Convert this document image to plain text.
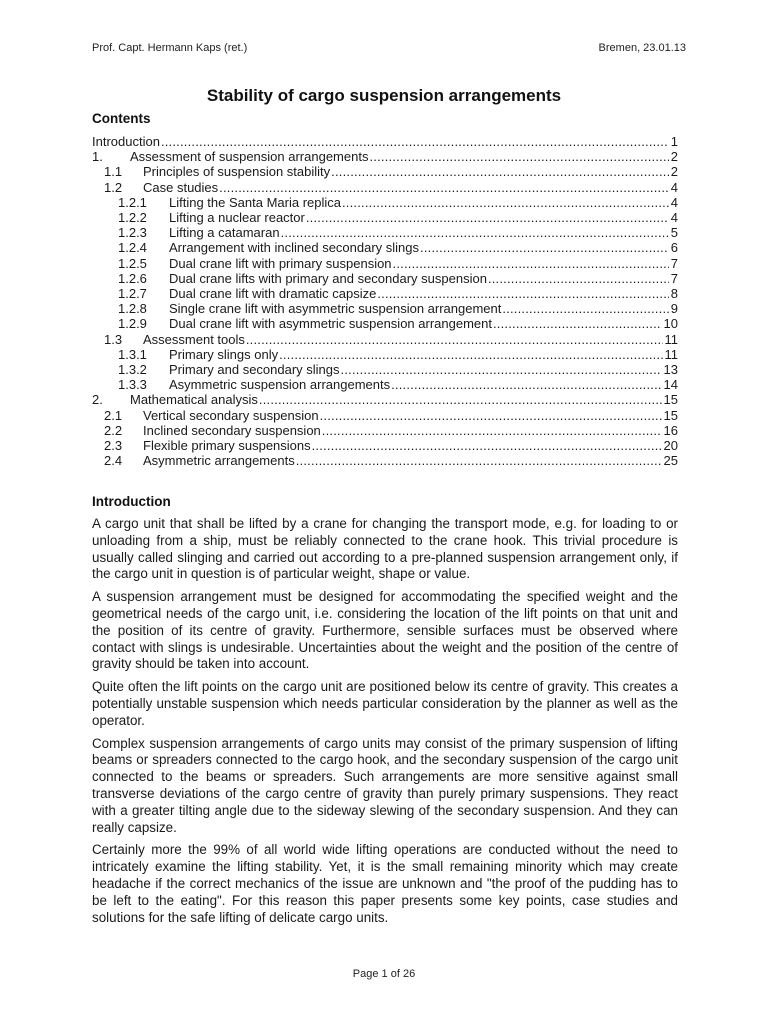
Prof. Capt. Hermann Kaps (ret.)	Bremen, 23.01.13
Stability of cargo suspension arrangements
Contents
Introduction .....	1
1.	Assessment of suspension arrangements .....	2
1.1	Principles of suspension stability .....	2
1.2	Case studies .....	4
1.2.1	Lifting the Santa Maria replica .....	4
1.2.2	Lifting a nuclear reactor .....	4
1.2.3	Lifting a catamaran .....	5
1.2.4	Arrangement with inclined secondary slings .....	6
1.2.5	Dual crane lift with primary suspension .....	7
1.2.6	Dual crane lifts with primary and secondary suspension .....	7
1.2.7	Dual crane lift with dramatic capsize .....	8
1.2.8	Single crane lift with asymmetric suspension arrangement .....	9
1.2.9	Dual crane lift with asymmetric suspension arrangement .....	10
1.3	Assessment tools .....	11
1.3.1	Primary slings only .....	11
1.3.2	Primary and secondary slings .....	13
1.3.3	Asymmetric suspension arrangements .....	14
2.	Mathematical analysis .....	15
2.1	Vertical secondary suspension .....	15
2.2	Inclined secondary suspension .....	16
2.3	Flexible primary suspensions .....	20
2.4	Asymmetric arrangements .....	25
Introduction

A cargo unit that shall be lifted by a crane for changing the transport mode, e.g. for loading to or unloading from a ship, must be reliably connected to the crane hook. This trivial procedure is usually called slinging and carried out according to a pre-planned suspension arrangement only, if the cargo unit in question is of particular weight, shape or value.

A suspension arrangement must be designed for accommodating the specified weight and the geometrical needs of the cargo unit, i.e. considering the location of the lift points on that unit and the position of its centre of gravity. Furthermore, sensible surfaces must be observed where contact with slings is undesirable. Uncertainties about the weight and the position of the centre of gravity should be taken into account.

Quite often the lift points on the cargo unit are positioned below its centre of gravity. This creates a potentially unstable suspension which needs particular consideration by the planner as well as the operator.

Complex suspension arrangements of cargo units may consist of the primary suspension of lifting beams or spreaders connected to the cargo hook, and the secondary suspension of the cargo unit connected to the beams or spreaders. Such arrangements are more sensitive against small transverse deviations of the cargo centre of gravity than purely primary suspensions. They react with a greater tilting angle due to the sideway slewing of the secondary suspension. And they can really capsize.

Certainly more the 99% of all world wide lifting operations are conducted without the need to intricately examine the lifting stability. Yet, it is the small remaining minority which may create headache if the correct mechanics of the issue are unknown and "the proof of the pudding has to be left to the eating". For this reason this paper presents some key points, case studies and solutions for the safe lifting of delicate cargo units.

Page 1 of 26
